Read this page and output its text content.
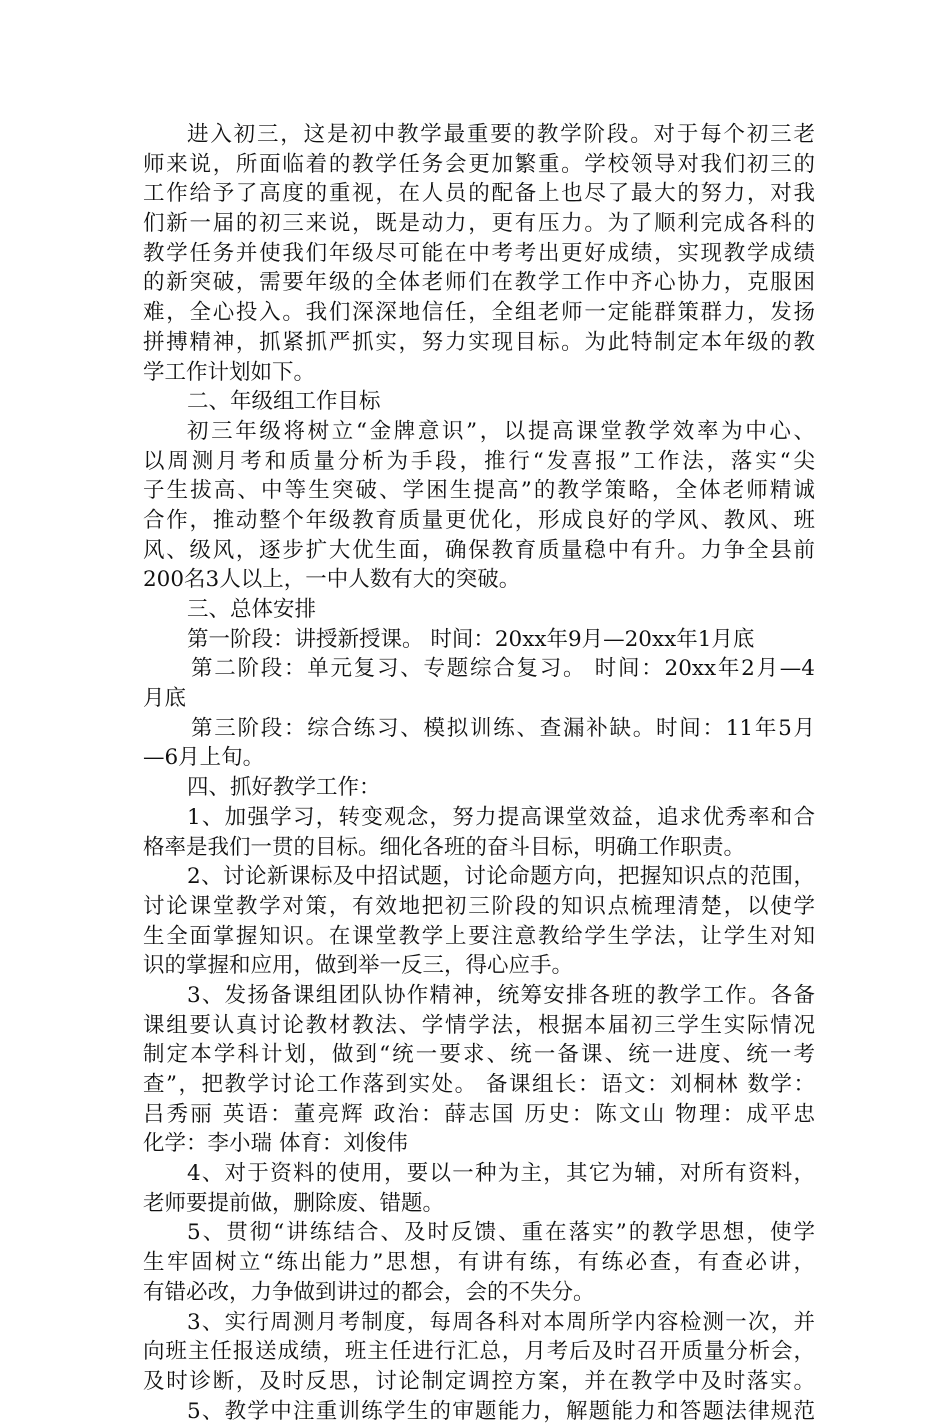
进入初三，这是初中教学最重要的教学阶段。对于每个初三老
师来说，所面临着的教学任务会更加繁重。学校领导对我们初三的
工作给予了高度的重视，在人员的配备上也尽了最大的努力，对我
们新一届的初三来说，既是动力，更有压力。为了顺利完成各科的
教学任务并使我们年级尽可能在中考考出更好成绩，实现教学成绩
的新突破，需要年级的全体老师们在教学工作中齐心协力，克服困
难，全心投入。我们深深地信任，全组老师一定能群策群力，发扬
拼搏精神，抓紧抓严抓实，努力实现目标。为此特制定本年级的教
学工作计划如下。
二、年级组工作目标
初三年级将树立“金牌意识”，以提高课堂教学效率为中心、
以周测月考和质量分析为手段，推行“发喜报”工作法，落实“尖
子生拔高、中等生突破、学困生提高”的教学策略，全体老师精诚
合作，推动整个年级教育质量更优化，形成良好的学风、教风、班
风、级风，逐步扩大优生面，确保教育质量稳中有升。力争全县前
200名3人以上，一中人数有大的突破。
三、总体安排
第一阶段：讲授新授课。 时间：20xx年9月—20xx年1月底
第二阶段：单元复习、专题综合复习。 时间：20xx年2月—4
月底
第三阶段：综合练习、模拟训练、查漏补缺。时间：11年5月
—6月上旬。
四、抓好教学工作：
1、加强学习，转变观念，努力提高课堂效益，追求优秀率和合
格率是我们一贯的目标。细化各班的奋斗目标，明确工作职责。
2、讨论新课标及中招试题，讨论命题方向，把握知识点的范围，
讨论课堂教学对策，有效地把初三阶段的知识点梳理清楚，以使学
生全面掌握知识。在课堂教学上要注意教给学生学法，让学生对知
识的掌握和应用，做到举一反三，得心应手。
3、发扬备课组团队协作精神，统筹安排各班的教学工作。各备
课组要认真讨论教材教法、学情学法，根据本届初三学生实际情况
制定本学科计划，做到“统一要求、统一备课、统一进度、统一考
查”，把教学讨论工作落到实处。 备课组长：语文：刘桐林 数学：
吕秀丽 英语：董亮辉 政治：薛志国 历史：陈文山 物理：成平忠
化学：李小瑞 体育：刘俊伟
4、对于资料的使用，要以一种为主，其它为辅，对所有资料，
老师要提前做，删除废、错题。
5、贯彻“讲练结合、及时反馈、重在落实”的教学思想，使学
生牢固树立“练出能力”思想，有讲有练，有练必查，有查必讲，
有错必改，力争做到讲过的都会，会的不失分。
3、实行周测月考制度，每周各科对本周所学内容检测一次，并
向班主任报送成绩，班主任进行汇总，月考后及时召开质量分析会，
及时诊断，及时反思，讨论制定调控方案，并在教学中及时落实。
5、教学中注重训练学生的审题能力，解题能力和答题法律规范
